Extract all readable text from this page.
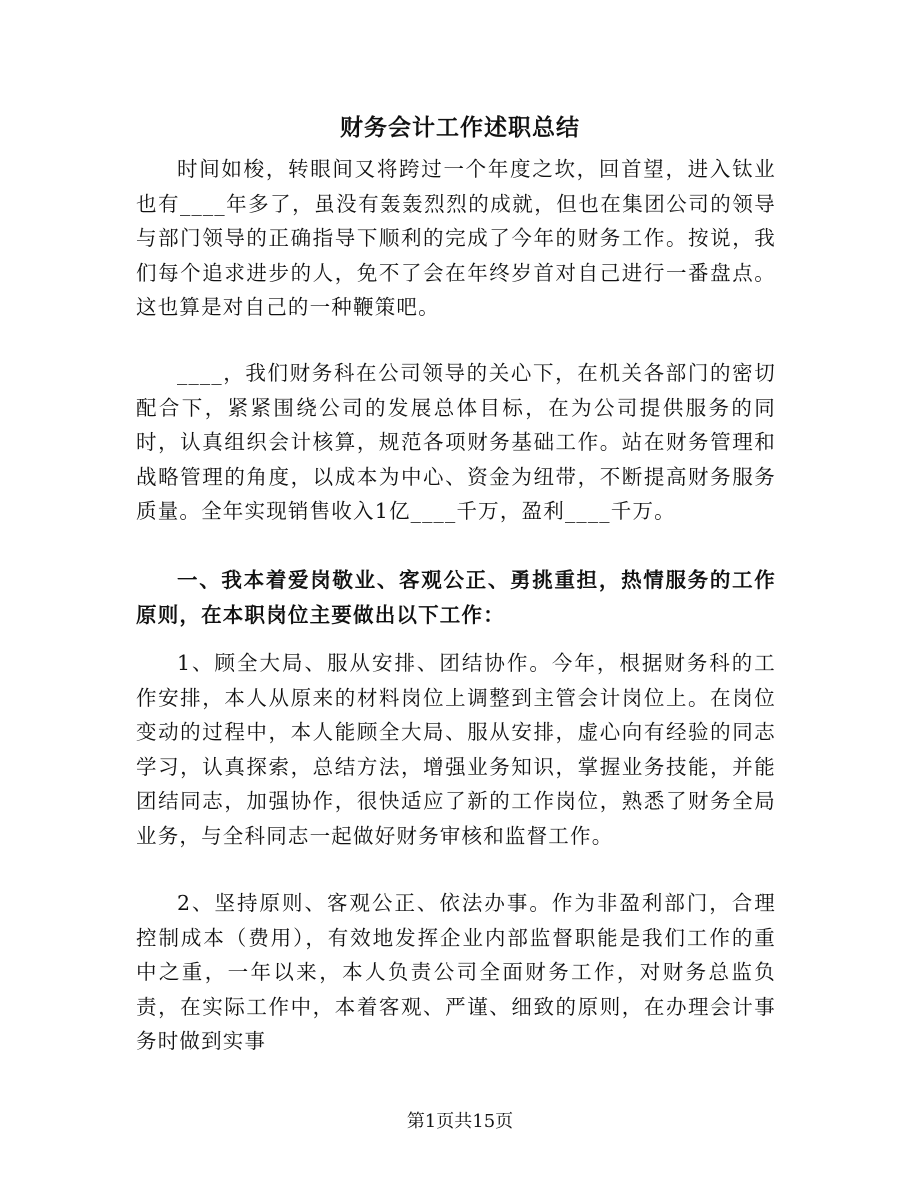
财务会计工作述职总结

时间如梭，转眼间又将跨过一个年度之坎，回首望，进入钛业也有____年多了，虽没有轰轰烈烈的成就，但也在集团公司的领导与部门领导的正确指导下顺利的完成了今年的财务工作。按说，我们每个追求进步的人，免不了会在年终岁首对自己进行一番盘点。这也算是对自己的一种鞭策吧。

____，我们财务科在公司领导的关心下，在机关各部门的密切配合下，紧紧围绕公司的发展总体目标，在为公司提供服务的同时，认真组织会计核算，规范各项财务基础工作。站在财务管理和战略管理的角度，以成本为中心、资金为纽带，不断提高财务服务质量。全年实现销售收入1亿____千万，盈利____千万。

一、我本着爱岗敬业、客观公正、勇挑重担，热情服务的工作原则，在本职岗位主要做出以下工作：

1、顾全大局、服从安排、团结协作。今年，根据财务科的工作安排，本人从原来的材料岗位上调整到主管会计岗位上。在岗位变动的过程中，本人能顾全大局、服从安排，虚心向有经验的同志学习，认真探索，总结方法，增强业务知识，掌握业务技能，并能团结同志，加强协作，很快适应了新的工作岗位，熟悉了财务全局业务，与全科同志一起做好财务审核和监督工作。

2、坚持原则、客观公正、依法办事。作为非盈利部门，合理控制成本（费用），有效地发挥企业内部监督职能是我们工作的重中之重，一年以来，本人负责公司全面财务工作，对财务总监负责，在实际工作中，本着客观、严谨、细致的原则，在办理会计事务时做到实事

第1页共15页
